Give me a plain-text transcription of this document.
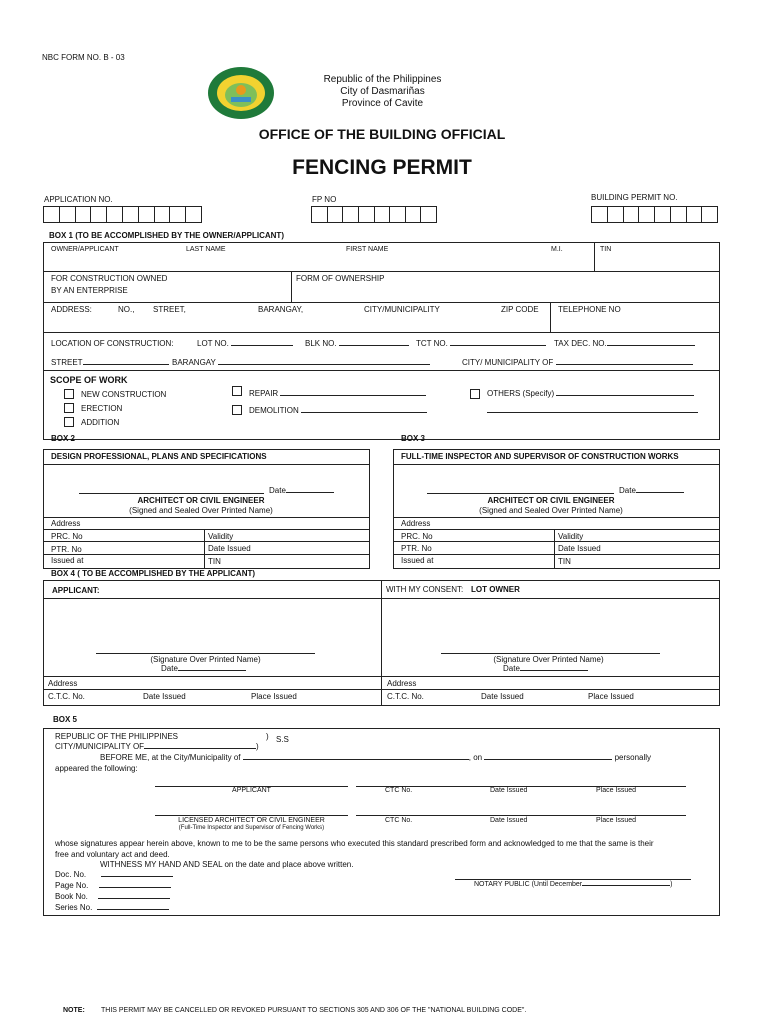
NBC FORM NO. B - 03
Republic of the Philippines
City of Dasmariñas
Province of Cavite
OFFICE OF THE BUILDING OFFICIAL
FENCING PERMIT
APPLICATION NO.	FP NO	BUILDING PERMIT NO.
BOX 1 (TO BE ACCOMPLISHED BY THE OWNER/APPLICANT)
OWNER/APPLICANT	LAST NAME	FIRST NAME	M.I.	TIN
FOR CONSTRUCTION OWNED
BY AN ENTERPRISE
FORM OF OWNERSHIP
ADDRESS:	NO., STREET,	BARANGAY,	CITY/MUNICIPALITY	ZIP CODE TELEPHONE NO
LOCATION OF CONSTRUCTION:	LOT NO.	BLK NO.	TCT NO.	TAX DEC. NO.
STREET	BARANGAY	CITY/ MUNICIPALITY OF
SCOPE OF WORK
NEW CONSTRUCTION
ERECTION
ADDITION
REPAIR
DEMOLITION
OTHERS (Specify)
BOX 2	BOX 3
DESIGN PROFESSIONAL, PLANS AND SPECIFICATIONS
Date
ARCHITECT OR CIVIL ENGINEER
(Signed and Sealed Over Printed Name)
Address
PRC. No	Validity
PTR. No	Date Issued
Issued at	TIN
FULL-TIME INSPECTOR AND SUPERVISOR OF CONSTRUCTION WORKS
Date
ARCHITECT OR CIVIL ENGINEER
(Signed and Sealed Over Printed Name)
Address
PRC. No	Validity
PTR. No	Date Issued
Issued at	TIN
BOX 4 ( TO BE ACCOMPLISHED BY THE APPLICANT)
APPLICANT:	WITH MY CONSENT: LOT OWNER
(Signature Over Printed Name)
Date
Address
C.T.C. No.	Date Issued	Place Issued
(Signature Over Printed Name)
Date
Address
C.T.C. No.	Date Issued	Place Issued
BOX 5
REPUBLIC OF THE PHILIPPINES	) S.S
CITY/MUNICIPALITY OF	)
BEFORE ME, at the City/Municipality of	, on	personally
appeared the following:
APPLICANT	CTC No.	Date Issued	Place Issued
LICENSED ARCHITECT OR CIVIL ENGINEER
(Full-Time Inspector and Supervisor of Fencing Works)
CTC No.	Date Issued	Place Issued
whose signatures appear herein above, known to me to be the same persons who executed this standard prescribed form and acknowledged to me that the same is their
free and voluntary act and deed.
WITHNESS MY HAND AND SEAL on the date and place above written.
Doc. No.
Page No.
Book No.
Series No.
NOTARY PUBLIC (Until December	)
NOTE: THIS PERMIT MAY BE CANCELLED OR REVOKED PURSUANT TO SECTIONS 305 AND 306 OF THE "NATIONAL BUILDING CODE".
